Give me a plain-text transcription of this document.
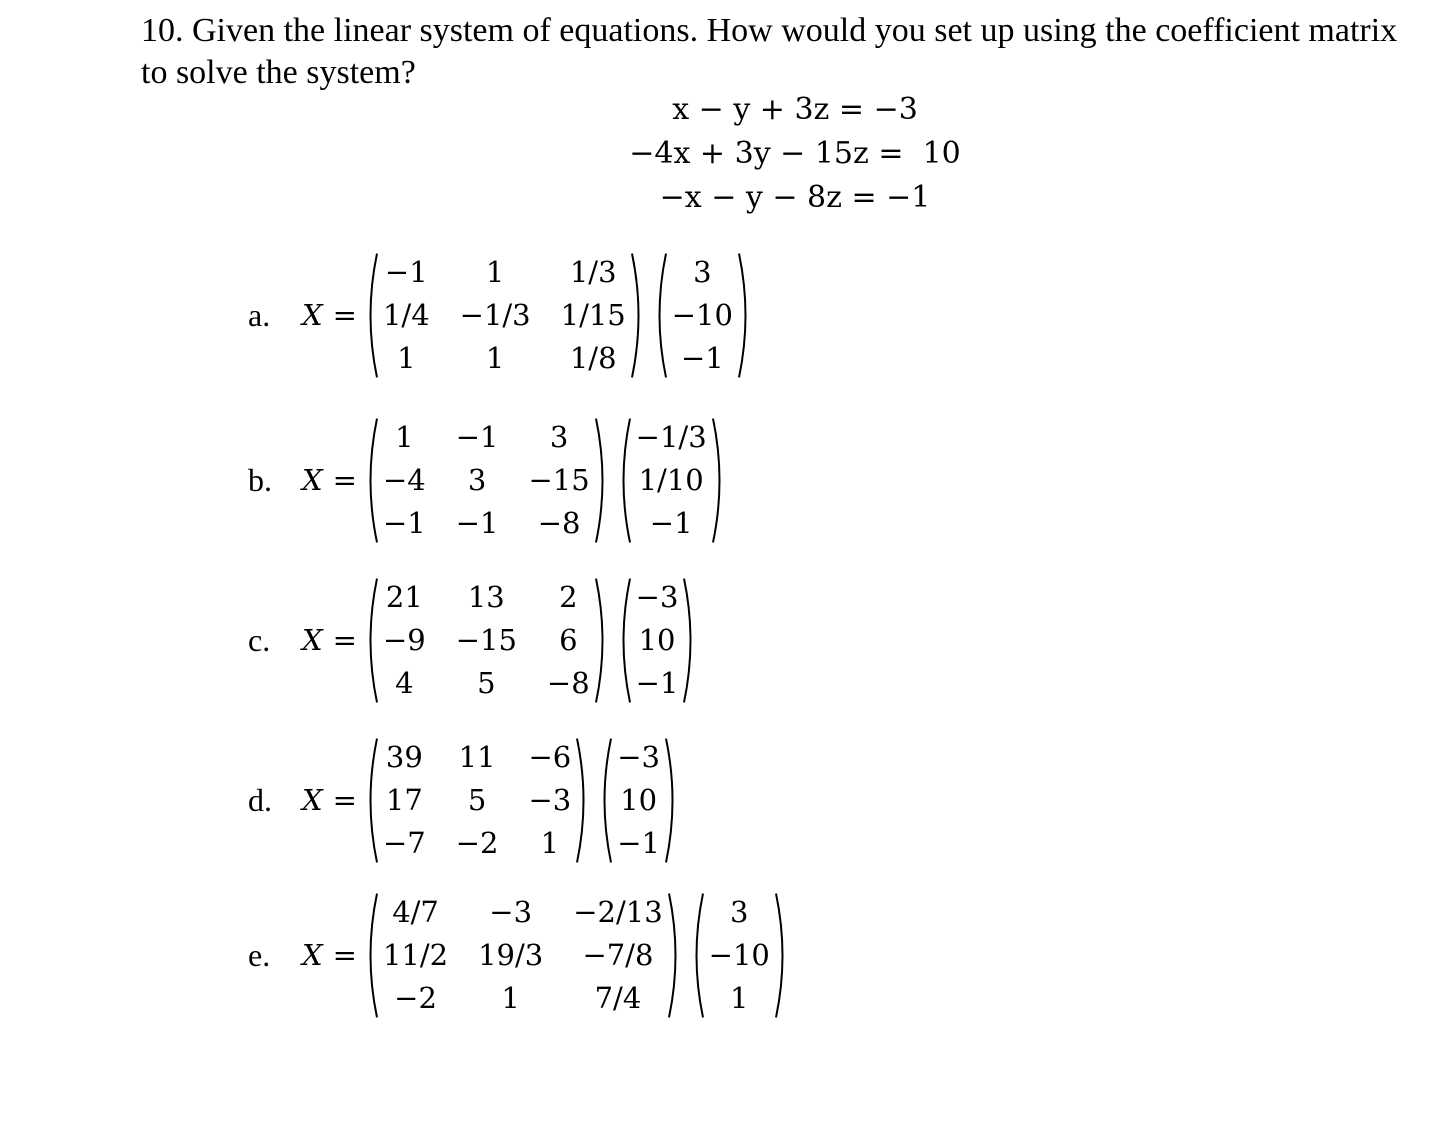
10. Given the linear system of equations. How would you set up using the coefficient matrix to solve the system?

x − y + 3z = −3
−4x + 3y − 15z =  10
−x − y − 8z = −1
a.	X =
−1	1	1/3
1/4 −1/3 1/15
1	1	1/8
3
−10
−1
b.	X =
1	−1	3
−4	3	−15
−1 −1	−8
−1/3
1/10
−1
c.	X =
21	13	2
−9 −15	6
4	5	−8
−3
10
−1
d.	X =
39 11 −6
17	5	−3
−7 −2	1
−3
10
−1
e.	X =
4/7	−3	−2/13
11/2 19/3	−7/8
−2	1	7/4
3
−10
1
